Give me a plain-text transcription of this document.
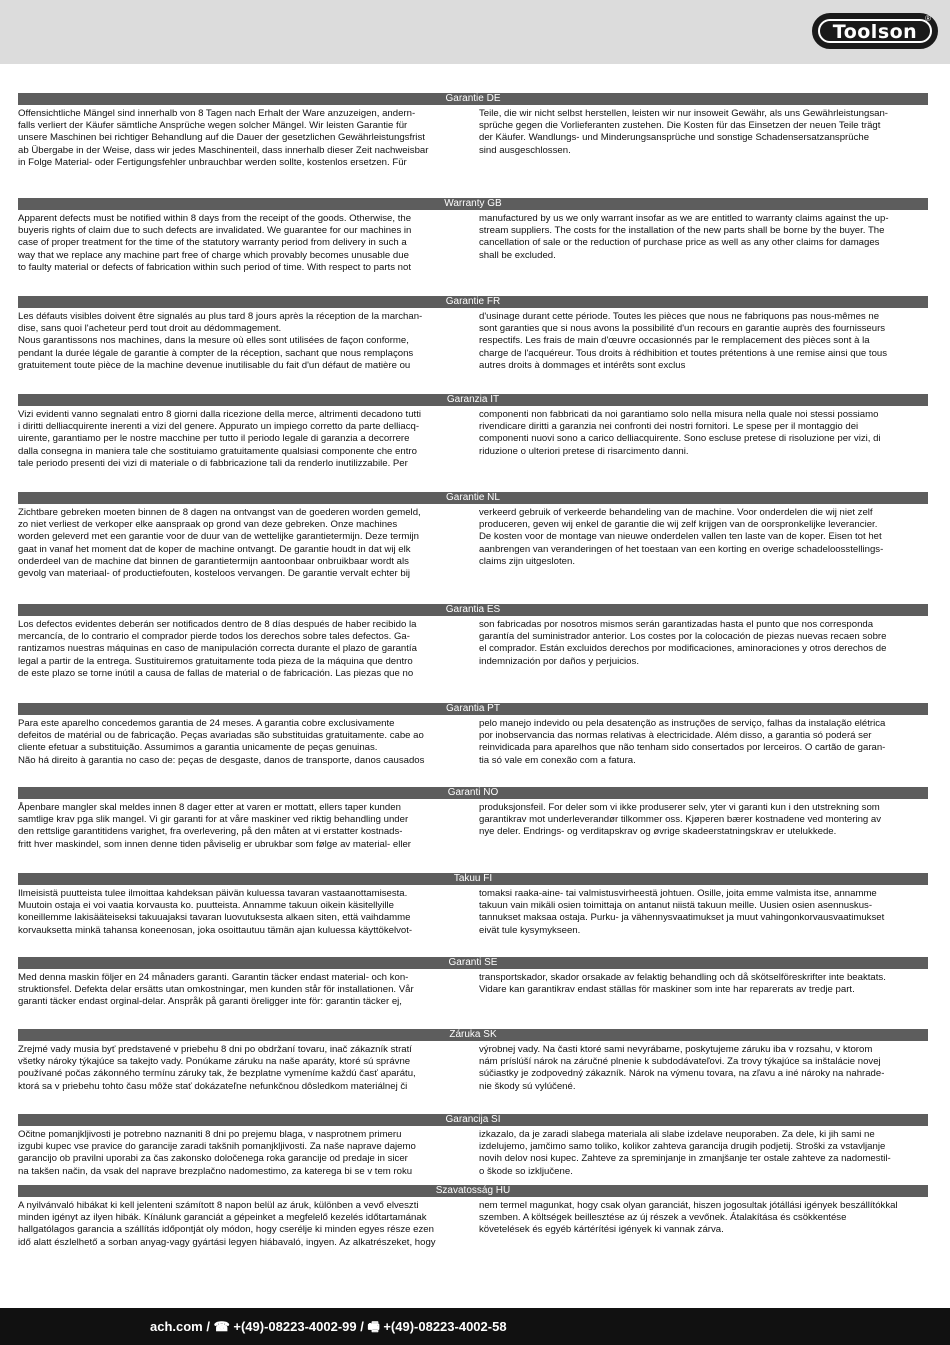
Toolson
®
Garantie DE
Offensichtliche Mängel sind innerhalb von 8 Tagen nach Erhalt der Ware anzuzeigen, andern-
falls verliert der Käufer sämtliche Ansprüche wegen solcher Mängel. Wir leisten Garantie für
unsere Maschinen bei richtiger Behandlung auf die Dauer der gesetzlichen Gewährleistungsfrist
ab Übergabe in der Weise, dass wir jedes Maschinenteil, dass innerhalb dieser Zeit nachweisbar
in Folge Material- oder Fertigungsfehler unbrauchbar werden sollte, kostenlos ersetzen. Für
Teile, die wir nicht selbst herstellen, leisten wir nur insoweit Gewähr, als uns Gewährleistungsan-
sprüche gegen die Vorlieferanten zustehen. Die Kosten für das Einsetzen der neuen Teile trägt
der Käufer. Wandlungs- und Minderungsansprüche und sonstige Schadensersatzansprüche
sind ausgeschlossen.
Warranty GB
Apparent defects must be notified within 8 days from the receipt of the goods. Otherwise, the
buyeris rights of claim due to such defects are invalidated. We guarantee for our machines in
case of proper treatment for the time of the statutory warranty period from delivery in such a
way that we replace any machine part free of charge which provably becomes unusable due
to faulty material or defects of fabrication within such period of time. With respect to parts not
manufactured by us we only warrant insofar as we are entitled to warranty claims against the up-
stream suppliers. The costs for the installation of the new parts shall be borne by the buyer. The
cancellation of sale or the reduction of purchase price as well as any other claims for damages
shall be excluded.
Garantie FR
Les défauts visibles doivent être signalés au plus tard 8 jours après la réception de la marchan-
dise, sans quoi l'acheteur perd tout droit au dédommagement.
Nous garantissons nos machines, dans la mesure où elles sont utilisées de façon conforme,
pendant la durée légale de garantie à compter de la réception, sachant que nous remplaçons
gratuitement toute pièce de la machine devenue inutilisable du fait d'un défaut de matière ou
d'usinage durant cette période. Toutes les pièces que nous ne fabriquons pas nous-mêmes ne
sont garanties que si nous avons la possibilité d'un recours en garantie auprès des fournisseurs
respectifs. Les frais de main d'œuvre occasionnés par le remplacement des pièces sont à la
charge de l'acquéreur. Tous droits à rédhibition et toutes prétentions à une remise ainsi que tous
autres droits à dommages et intérêts sont exclus
Garanzia IT
Vizi evidenti vanno segnalati entro 8 giorni dalla ricezione della merce, altrimenti decadono tutti
i diritti delliacquirente inerenti a vizi del genere. Appurato un impiego corretto da parte delliacq-
uirente, garantiamo per le nostre macchine per tutto il periodo legale di garanzia a decorrere
dalla consegna in maniera tale che sostituiamo gratuitamente qualsiasi componente che entro
tale periodo presenti dei vizi di materiale o di fabbricazione tali da renderlo inutilizzabile. Per
componenti non fabbricati da noi garantiamo solo nella misura nella quale noi stessi possiamo
rivendicare diritti a garanzia nei confronti dei nostri fornitori. Le spese per il montaggio dei
componenti nuovi sono a carico delliacquirente. Sono escluse pretese di risoluzione per vizi, di
riduzione o ulteriori pretese di risarcimento danni.
Garantie NL
Zichtbare gebreken moeten binnen de 8 dagen na ontvangst van de goederen worden gemeld,
zo niet verliest de verkoper elke aanspraak op grond van deze gebreken. Onze machines
worden geleverd met een garantie voor de duur van de wettelijke garantietermijn. Deze termijn
gaat in vanaf het moment dat de koper de machine ontvangt. De garantie houdt in dat wij elk
onderdeel van de machine dat binnen de garantietermijn aantoonbaar onbruikbaar wordt als
gevolg van materiaal- of productiefouten, kosteloos vervangen. De garantie vervalt echter bij
verkeerd gebruik of verkeerde behandeling van de machine. Voor onderdelen die wij niet zelf
produceren, geven wij enkel de garantie die wij zelf krijgen van de oorspronkelijke leverancier.
De kosten voor de montage van nieuwe onderdelen vallen ten laste van de koper. Eisen tot het
aanbrengen van veranderingen of het toestaan van een korting en overige schadeloosstellings-
claims zijn uitgesloten.
Garantia ES
Los defectos evidentes deberán ser notificados dentro de 8 días después de haber recibido la
mercancía, de lo contrario el comprador pierde todos los derechos sobre tales defectos. Ga-
rantizamos nuestras máquinas en caso de manipulación correcta durante el plazo de garantía
legal a partir de la entrega. Sustituiremos gratuitamente toda pieza de la máquina que dentro
de este plazo se torne inútil a causa de fallas de material o de fabricación. Las piezas que no
son fabricadas por nosotros mismos serán garantizadas hasta el punto que nos corresponda
garantía del suministrador anterior. Los costes por la colocación de piezas nuevas recaen sobre
el comprador. Están excluidos derechos por modificaciones, aminoraciones y otros derechos de
indemnización por daños y perjuicios.
Garantia PT
Para este aparelho concedemos garantia de 24 meses. A garantia cobre exclusivamente
defeitos de matérial ou de fabricação. Peças avariadas são substituidas gratuitamente. cabe ao
cliente efetuar a substituição. Assumimos a garantia unicamente de peças genuinas.
Não há direito à garantia no caso de: peças de desgaste, danos de transporte, danos causados
pelo manejo indevido ou pela desatenção as instruções de serviço, falhas da instalação elétrica
por inobservancia das normas relativas à electricidade. Além disso, a garantia só poderá ser
reinvidicada para aparelhos que não tenham sido consertados por lerceiros. O cartão de garan-
tia só vale em conexão com a fatura.
Garanti NO
Åpenbare mangler skal meldes innen 8 dager etter at varen er mottatt, ellers taper kunden
samtlige krav pga slik mangel. Vi gir garanti for at våre maskiner ved riktig behandling under
den rettslige garantitidens varighet, fra overlevering, på den måten at vi erstatter kostnads-
fritt hver maskindel, som innen denne tiden påviselig er ubrukbar som følge av material- eller
produksjonsfeil. For deler som vi ikke produserer selv, yter vi garanti kun i den utstrekning som
garantikrav mot underleverandør tilkommer oss. Kjøperen bærer kostnadene ved montering av
nye deler. Endrings- og verditapskrav og øvrige skadeerstatningskrav er utelukkede.
Takuu FI
Ilmeisistä puutteista tulee ilmoittaa kahdeksan päivän kuluessa tavaran vastaanottamisesta.
Muutoin ostaja ei voi vaatia korvausta ko. puutteista. Annamme takuun oikein käsitellyille
koneillemme lakisääteiseksi takuuajaksi tavaran luovutuksesta alkaen siten, että vaihdamme
korvauksetta minkä tahansa koneenosan, joka osoittautuu tämän ajan kuluessa käyttökelvot-
tomaksi raaka-aine- tai valmistusvirheestä johtuen. Osille, joita emme valmista itse, annamme
takuun vain mikäli osien toimittaja on antanut niistä takuun meille. Uusien osien asennuskus-
tannukset maksaa ostaja. Purku- ja vähennysvaatimukset ja muut vahingonkorvausvaatimukset
eivät tule kysymykseen.
Garanti SE
Med denna maskin följer en 24 månaders garanti. Garantin täcker endast material- och kon-
struktionsfel. Defekta delar ersätts utan omkostningar, men kunden står för installationen. Vår
garanti täcker endast orginal-delar. Anspråk på garanti öreligger inte för: garantin täcker ej,
transportskador, skador orsakade av felaktig behandling och då skötselföreskrifter inte beaktats.
Vidare kan garantikrav endast ställas för maskiner som inte har reparerats av tredje part.
Záruka SK
Zrejmé vady musia byť predstavené v priebehu 8 dni po obdržaní tovaru, inač zákazník stratí
všetky nároky týkajúce sa takejto vady. Ponúkame záruku na naše aparáty, ktoré sú správne
používané počas zákonného termínu záruky tak, že bezplatne vymeníme každú časť aparátu,
ktorá sa v priebehu tohto času môže stať dokázateľne nefunkčnou dôsledkom materiálnej či
výrobnej vady. Na časti ktoré sami nevyrábame, poskytujeme záruku iba v rozsahu, v ktorom
nám príslúší nárok na záručné plnenie k subdodávateľovi. Za trovy týkajúce sa inštalácie novej
súčiastky je zodpovedný zákazník. Nárok na výmenu tovara, na zľavu a iné nároky na nahrade-
nie škody sú vylúčené.
Garancija SI
Očitne pomanjkljivosti je potrebno naznaniti 8 dni po prejemu blaga, v nasprotnem primeru
izgubi kupec vse pravice do garancije zaradi takšnih pomanjkljivosti. Za naše naprave dajemo
garancijo ob pravilni uporabi za čas zakonsko določenega roka garancije od predaje in sicer
na takšen način, da vsak del naprave brezplačno nadomestimo, za katerega bi se v tem roku
izkazalo, da je zaradi slabega materiala ali slabe izdelave neuporaben. Za dele, ki jih sami ne
izdelujemo, jamčimo samo toliko, kolikor zahteva garancija drugih podjetij. Stroški za vstavljanje
novih delov nosi kupec. Zahteve za spreminjanje in zmanjšanje ter ostale zahteve za nadomestil-
o škode so izključene.
Szavatosság HU
A nyilvánvaló hibákat ki kell jelenteni számított 8 napon belül az áruk, különben a vevő elveszti
minden igényt az ilyen hibák. Kínálunk garanciát a gépeinket a megfelelő kezelés időtartamának
hallgatólagos garancia a szállítás időpontját oly módon, hogy cserélje ki minden egyes része ezen
idő alatt észlelhető a sorban anyag-vagy gyártási legyen hiábavaló, ingyen. Az alkatrészeket, hogy
nem termel magunkat, hogy csak olyan garanciát, hiszen jogosultak jótállási igények beszállítókkal
szemben. A költségek beillesztése az új részek a vevőnek. Átalakítása és csökkentése
követelések és egyéb kártérítési igények ki vannak zárva.
ach.com / ☎ +(49)-08223-4002-99 / 🖷 +(49)-08223-4002-58
